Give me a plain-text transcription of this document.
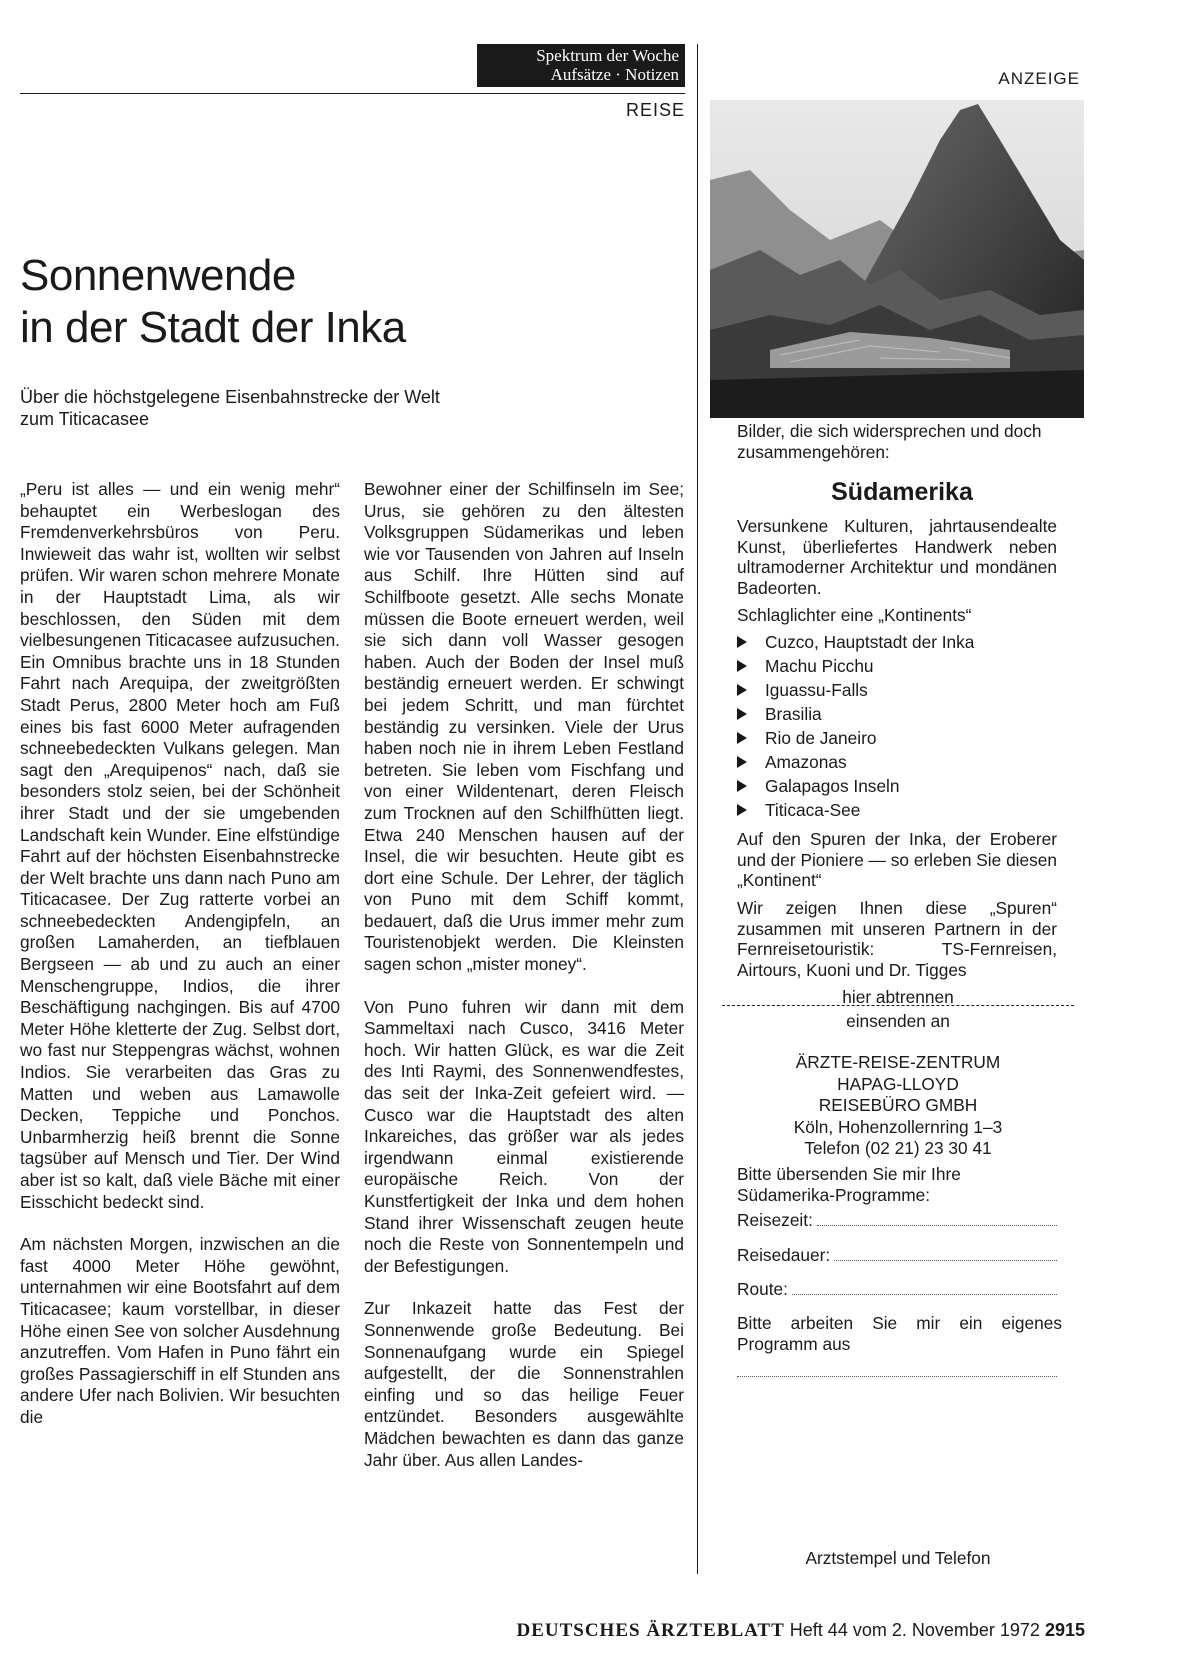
Spektrum der Woche
Aufsätze · Notizen
REISE
ANZEIGE
Sonnenwende
in der Stadt der Inka
Über die höchstgelegene Eisenbahnstrecke der Welt
zum Titicacasee

„Peru ist alles — und ein wenig mehr“ behauptet ein Werbeslogan des Fremdenverkehrsbüros von Peru. Inwieweit das wahr ist, wollten wir selbst prüfen. Wir waren schon mehrere Monate in der Hauptstadt Lima, als wir beschlossen, den Süden mit dem vielbesungenen Titicacasee aufzusuchen. Ein Omnibus brachte uns in 18 Stunden Fahrt nach Arequipa, der zweitgrößten Stadt Perus, 2800 Meter hoch am Fuß eines bis fast 6000 Meter aufragenden schneebedeckten Vulkans gelegen. Man sagt den „Arequipenos“ nach, daß sie besonders stolz seien, bei der Schönheit ihrer Stadt und der sie umgebenden Landschaft kein Wunder. Eine elfstündige Fahrt auf der höchsten Eisenbahnstrecke der Welt brachte uns dann nach Puno am Titicacasee. Der Zug ratterte vorbei an schneebedeckten Andengipfeln, an großen Lamaherden, an tiefblauen Bergseen — ab und zu auch an einer Menschengruppe, Indios, die ihrer Beschäftigung nachgingen. Bis auf 4700 Meter Höhe kletterte der Zug. Selbst dort, wo fast nur Steppengras wächst, wohnen Indios. Sie verarbeiten das Gras zu Matten und weben aus Lamawolle Decken, Teppiche und Ponchos. Unbarmherzig heiß brennt die Sonne tagsüber auf Mensch und Tier. Der Wind aber ist so kalt, daß viele Bäche mit einer Eisschicht bedeckt sind.

Am nächsten Morgen, inzwischen an die fast 4000 Meter Höhe gewöhnt, unternahmen wir eine Bootsfahrt auf dem Titicacasee; kaum vorstellbar, in dieser Höhe einen See von solcher Ausdehnung anzutreffen. Vom Hafen in Puno fährt ein großes Passagierschiff in elf Stunden ans andere Ufer nach Bolivien. Wir besuchten die

Bewohner einer der Schilfinseln im See; Urus, sie gehören zu den ältesten Volksgruppen Südamerikas und leben wie vor Tausenden von Jahren auf Inseln aus Schilf. Ihre Hütten sind auf Schilfboote gesetzt. Alle sechs Monate müssen die Boote erneuert werden, weil sie sich dann voll Wasser gesogen haben. Auch der Boden der Insel muß beständig erneuert werden. Er schwingt bei jedem Schritt, und man fürchtet beständig zu versinken. Viele der Urus haben noch nie in ihrem Leben Festland betreten. Sie leben vom Fischfang und von einer Wildentenart, deren Fleisch zum Trocknen auf den Schilfhütten liegt. Etwa 240 Menschen hausen auf der Insel, die wir besuchten. Heute gibt es dort eine Schule. Der Lehrer, der täglich von Puno mit dem Schiff kommt, bedauert, daß die Urus immer mehr zum Touristenobjekt werden. Die Kleinsten sagen schon „mister money“.

Von Puno fuhren wir dann mit dem Sammeltaxi nach Cusco, 3416 Meter hoch. Wir hatten Glück, es war die Zeit des Inti Raymi, des Sonnenwendfestes, das seit der Inka-Zeit gefeiert wird. — Cusco war die Hauptstadt des alten Inkareiches, das größer war als jedes irgendwann einmal existierende europäische Reich. Von der Kunstfertigkeit der Inka und dem hohen Stand ihrer Wissenschaft zeugen heute noch die Reste von Sonnentempeln und der Befestigungen.

Zur Inkazeit hatte das Fest der Sonnenwende große Bedeutung. Bei Sonnenaufgang wurde ein Spiegel aufgestellt, der die Sonnenstrahlen einfing und so das heilige Feuer entzündet. Besonders ausgewählte Mädchen bewachten es dann das ganze Jahr über. Aus allen Landes-

Bilder, die sich widersprechen und doch zusammengehören:
Südamerika
Versunkene Kulturen, jahrtausendealte Kunst, überliefertes Handwerk neben ultramoderner Architektur und mondänen Badeorten.
Schlaglichter eine „Kontinents“
Cuzco, Hauptstadt der Inka
Machu Picchu
Iguassu-Falls
Brasilia
Rio de Janeiro
Amazonas
Galapagos Inseln
Titicaca-See
Auf den Spuren der Inka, der Eroberer und der Pioniere — so erleben Sie diesen „Kontinent“
Wir zeigen Ihnen diese „Spuren“ zusammen mit unseren Partnern in der Fernreisetouristik: TS-Fernreisen, Airtours, Kuoni und Dr. Tigges
hier abtrennen
einsenden an
ÄRZTE-REISE-ZENTRUM
HAPAG-LLOYD
REISEBÜRO GMBH
Köln, Hohenzollernring 1–3
Telefon (02 21) 23 30 41
Bitte übersenden Sie mir Ihre Südamerika-Programme:
Reisezeit:
Reisedauer:
Route:
Bitte arbeiten Sie mir ein eigenes Programm aus
Arztstempel und Telefon
DEUTSCHES ÄRZTEBLATT Heft 44 vom 2. November 1972 2915
